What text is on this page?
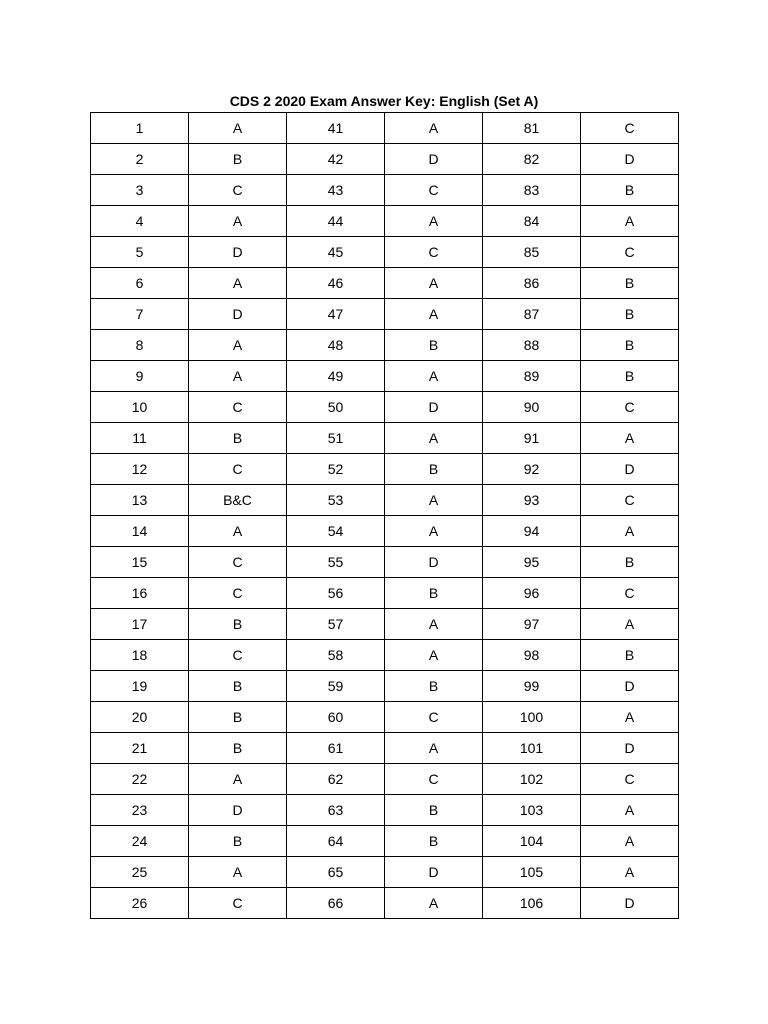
CDS 2 2020 Exam Answer Key: English (Set A)
1	A	41	A	81	C
2	B	42	D	82	D
3	C	43	C	83	B
4	A	44	A	84	A
5	D	45	C	85	C
6	A	46	A	86	B
7	D	47	A	87	B
8	A	48	B	88	B
9	A	49	A	89	B
10	C	50	D	90	C
11	B	51	A	91	A
12	C	52	B	92	D
13	B&C	53	A	93	C
14	A	54	A	94	A
15	C	55	D	95	B
16	C	56	B	96	C
17	B	57	A	97	A
18	C	58	A	98	B
19	B	59	B	99	D
20	B	60	C	100	A
21	B	61	A	101	D
22	A	62	C	102	C
23	D	63	B	103	A
24	B	64	B	104	A
25	A	65	D	105	A
26	C	66	A	106	D
